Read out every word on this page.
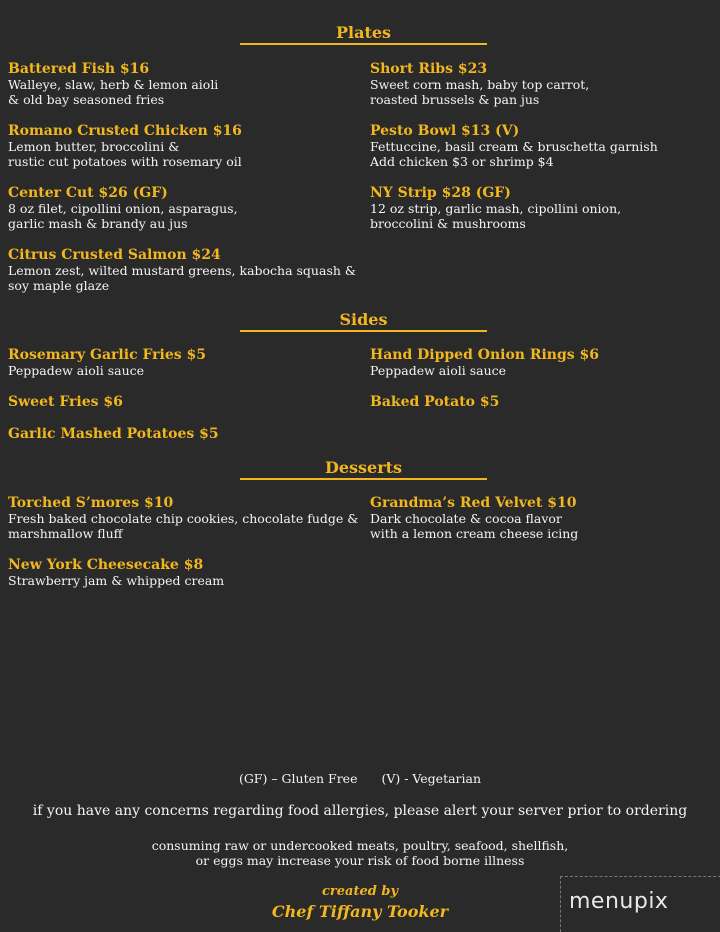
Plates
Battered Fish $16
Walleye, slaw, herb & lemon aioli
& old bay seasoned fries
Short Ribs $23
Sweet corn mash, baby top carrot,
roasted brussels & pan jus
Romano Crusted Chicken $16
Lemon butter, broccolini &
rustic cut potatoes with rosemary oil
Pesto Bowl $13 (V)
Fettuccine, basil cream & bruschetta garnish
Add chicken $3 or shrimp $4
Center Cut $26 (GF)
8 oz filet, cipollini onion, asparagus,
garlic mash & brandy au jus
NY Strip $28 (GF)
12 oz strip, garlic mash, cipollini onion,
broccolini & mushrooms
Citrus Crusted Salmon $24
Lemon zest, wilted mustard greens, kabocha squash &
soy maple glaze
Sides
Rosemary Garlic Fries $5
Peppadew aioli sauce
Hand Dipped Onion Rings $6
Peppadew aioli sauce
Sweet Fries $6	Baked Potato $5
Garlic Mashed Potatoes $5
Desserts
Torched S’mores $10
Fresh baked chocolate chip cookies, chocolate fudge &
marshmallow fluff
Grandma’s Red Velvet $10
Dark chocolate & cocoa flavor
with a lemon cream cheese icing
New York Cheesecake $8
Strawberry jam & whipped cream
(GF) – Gluten Free (V) - Vegetarian
if you have any concerns regarding food allergies, please alert your server prior to ordering
consuming raw or undercooked meats, poultry, seafood, shellfish,
or eggs may increase your risk of food borne illness
created by
Chef Tiffany Tooker	menupix
